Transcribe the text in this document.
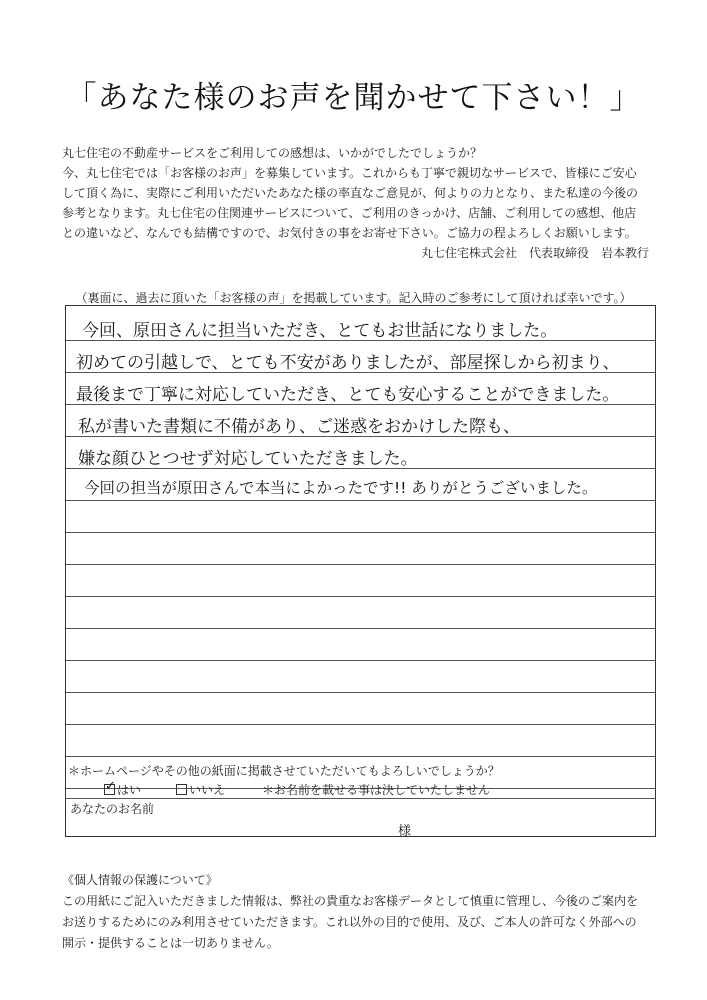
「あなた様のお声を聞かせて下さい！」

丸七住宅の不動産サービスをご利用しての感想は、いかがでしたでしょうか？

今、丸七住宅では「お客様のお声」を募集しています。これからも丁寧で親切なサービスで、皆様にご安心

して頂く為に、実際にご利用いただいたあなた様の率直なご意見が、何よりの力となり、また私達の今後の

参考となります。丸七住宅の住関連サービスについて、ご利用のきっかけ、店舗、ご利用しての感想、他店

との違いなど、なんでも結構ですので、お気付きの事をお寄せ下さい。ご協力の程よろしくお願いします。

丸七住宅株式会社　代表取締役　岩本教行
（裏面に、過去に頂いた「お客様の声」を掲載しています。記入時のご参考にして頂ければ幸いです。）
今回、原田さんに担当いただき、とてもお世話になりました。
初めての引越しで、とても不安がありましたが、部屋探しから初まり、
最後まで丁寧に対応していただき、とても安心することができました。
私が書いた書類に不備があり、ご迷惑をおかけした際も、
嫌な顔ひとつせず対応していただきました。
今回の担当が原田さんで本当によかったです!! ありがとうございました。
＊ホームページやその他の紙面に掲載させていただいてもよろしいでしょうか？
✓ はい	いいえ	＊お名前を載せる事は決していたしません
あなたのお名前
様

《個人情報の保護について》

この用紙にご記入いただきました情報は、弊社の貴重なお客様データとして慎重に管理し、今後のご案内を

お送りするためにのみ利用させていただきます。これ以外の目的で使用、及び、ご本人の許可なく外部への

開示・提供することは一切ありません。
